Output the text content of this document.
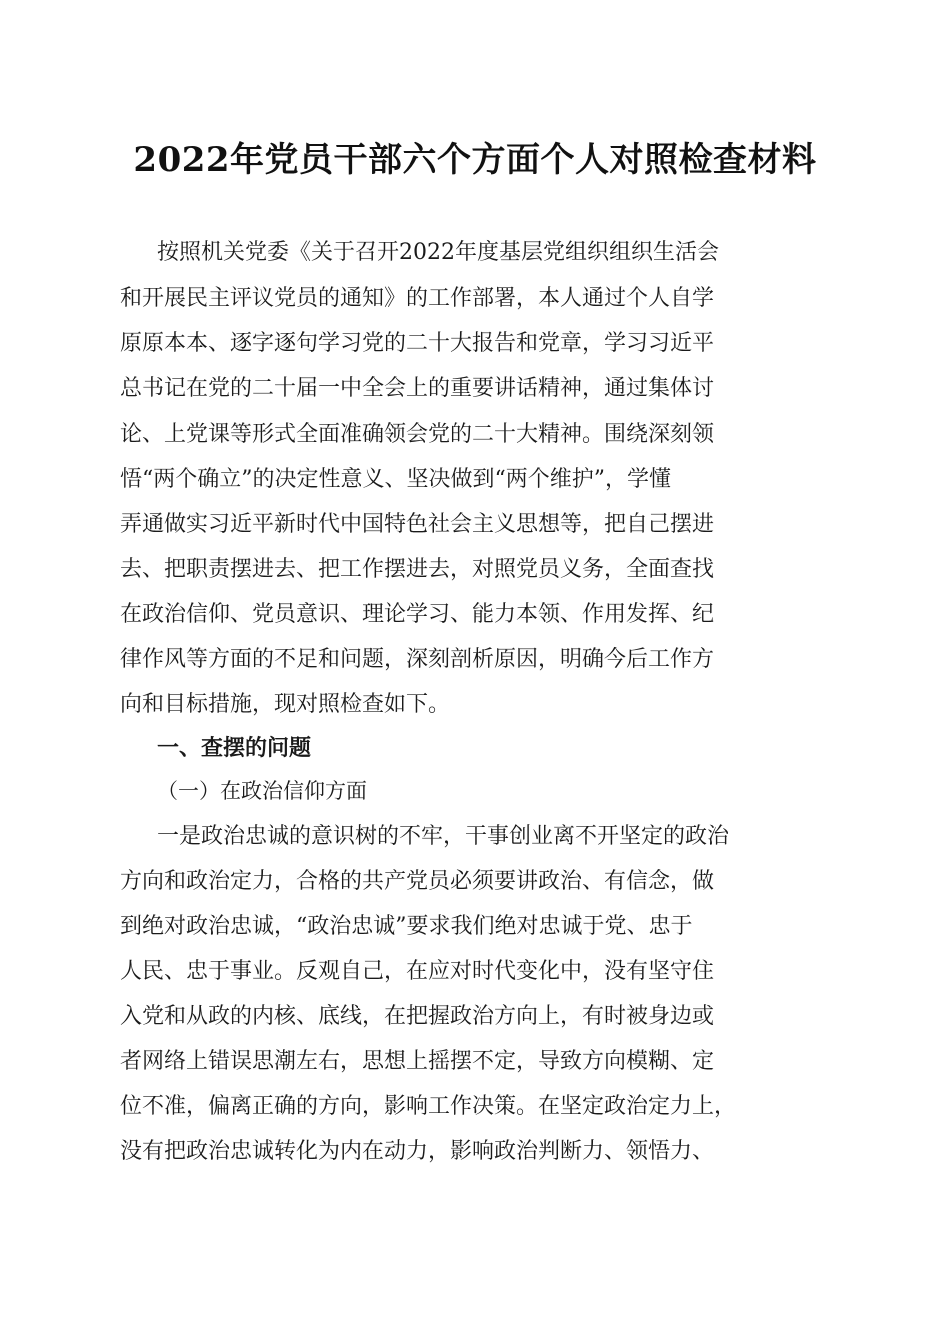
2022年党员干部六个方面个人对照检查材料
按照机关党委《关于召开2022年度基层党组织组织生活会
和开展民主评议党员的通知》的工作部署，本人通过个人自学
原原本本、逐字逐句学习党的二十大报告和党章，学习习近平
总书记在党的二十届一中全会上的重要讲话精神，通过集体讨
论、上党课等形式全面准确领会党的二十大精神。围绕深刻领
悟“两个确立”的决定性意义、坚决做到“两个维护”，学懂
弄通做实习近平新时代中国特色社会主义思想等，把自己摆进
去、把职责摆进去、把工作摆进去，对照党员义务，全面查找
在政治信仰、党员意识、理论学习、能力本领、作用发挥、纪
律作风等方面的不足和问题，深刻剖析原因，明确今后工作方
向和目标措施，现对照检查如下。
一、查摆的问题
（一）在政治信仰方面
一是政治忠诚的意识树的不牢，干事创业离不开坚定的政治
方向和政治定力，合格的共产党员必须要讲政治、有信念，做
到绝对政治忠诚，“政治忠诚”要求我们绝对忠诚于党、忠于
人民、忠于事业。反观自己，在应对时代变化中，没有坚守住
入党和从政的内核、底线，在把握政治方向上，有时被身边或
者网络上错误思潮左右，思想上摇摆不定，导致方向模糊、定
位不准，偏离正确的方向，影响工作决策。在坚定政治定力上，
没有把政治忠诚转化为内在动力，影响政治判断力、领悟力、
